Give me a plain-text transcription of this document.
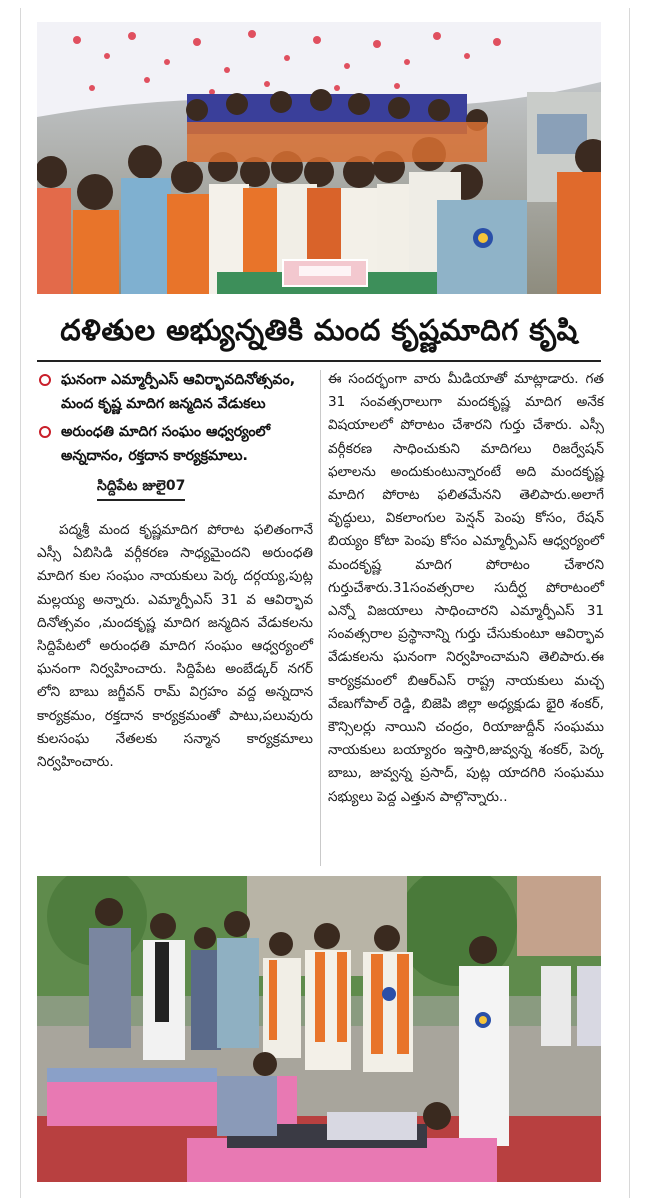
దళితుల అభ్యున్నతికి మంద కృష్ణమాదిగ కృషి
ఘనంగా ఎమ్మార్పీఎస్ ఆవిర్భావదినోత్సవం, మంద కృష్ణ మాదిగ జన్మదిన వేడుకలు
అరుంధతి మాదిగ సంఘం ఆధ్వర్యంలో అన్నదానం, రక్తదాన కార్యక్రమాలు.
సిద్దిపేట జులై07

పద్మశ్రీ మంద కృష్ణమాదిగ పోరాట ఫలితంగానే ఎస్సీ ఏబిసిడి వర్గీకరణ సాధ్యమైందని అరుంధతి మాదిగ కుల సంఘం నాయకులు పెర్క దర్గయ్య,పుట్ల మల్లయ్య అన్నారు. ఎమ్మార్పీఎస్ 31 వ ఆవిర్భావ దినోత్సవం ,మందకృష్ణ మాదిగ జన్మదిన వేడుకలను సిద్దిపేటలో అరుంధతి మాదిగ సంఘం ఆధ్వర్యంలో ఘనంగా నిర్వహించారు. సిద్దిపేట అంబేడ్కర్ నగర్ లోని బాబు జగ్జీవన్ రామ్ విగ్రహం వద్ద అన్నదాన కార్యక్రమం, రక్తదాన కార్యక్రమంతో పాటు,పలువురు కులసంఘ నేతలకు సన్మాన కార్యక్రమాలు నిర్వహించారు.

ఈ సందర్భంగా వారు మీడియాతో మాట్లాడారు. గత 31 సంవత్సరాలుగా మందకృష్ణ మాదిగ అనేక విషయాలలో పోరాటం చేశారని గుర్తు చేశారు. ఎస్సీ వర్గీకరణ సాధించుకుని మాదిగలు రిజర్వేషన్ ఫలాలను అందుకుంటున్నారంటే అది మందకృష్ణ మాదిగ పోరాట ఫలితమేనని తెలిపారు.అలాగే వృద్ధులు, వికలాంగుల పెన్షన్ పెంపు కోసం, రేషన్ బియ్యం కోటా పెంపు కోసం ఎమ్మార్పీఎస్ ఆధ్వర్యంలో మందకృష్ణ మాదిగ పోరాటం చేశారని గుర్తుచేశారు.31సంవత్సరాల సుదీర్ఘ పోరాటంలో ఎన్నో విజయాలు సాధించారని ఎమ్మార్పీఎస్ 31 సంవత్సరాల ప్రస్థానాన్ని గుర్తు చేసుకుంటూ ఆవిర్భావ వేడుకలను ఘనంగా నిర్వహించామని తెలిపారు.ఈ కార్యక్రమంలో బిఆర్ఎస్ రాష్ట్ర నాయకులు మచ్చ వేణుగోపాల్ రెడ్డి, బిజెపి జిల్లా అధ్యక్షుడు భైరి శంకర్, కౌన్సిలర్లు నాయిని చంద్రం, రియాజుద్దీన్ సంఘము నాయకులు బయ్యారం ఇస్తారి,జువ్వన్న శంకర్, పెర్క బాబు, జువ్వన్న ప్రసాద్, పుట్ల యాదగిరి సంఘము సభ్యులు పెద్ద ఎత్తున పాల్గొన్నారు..
